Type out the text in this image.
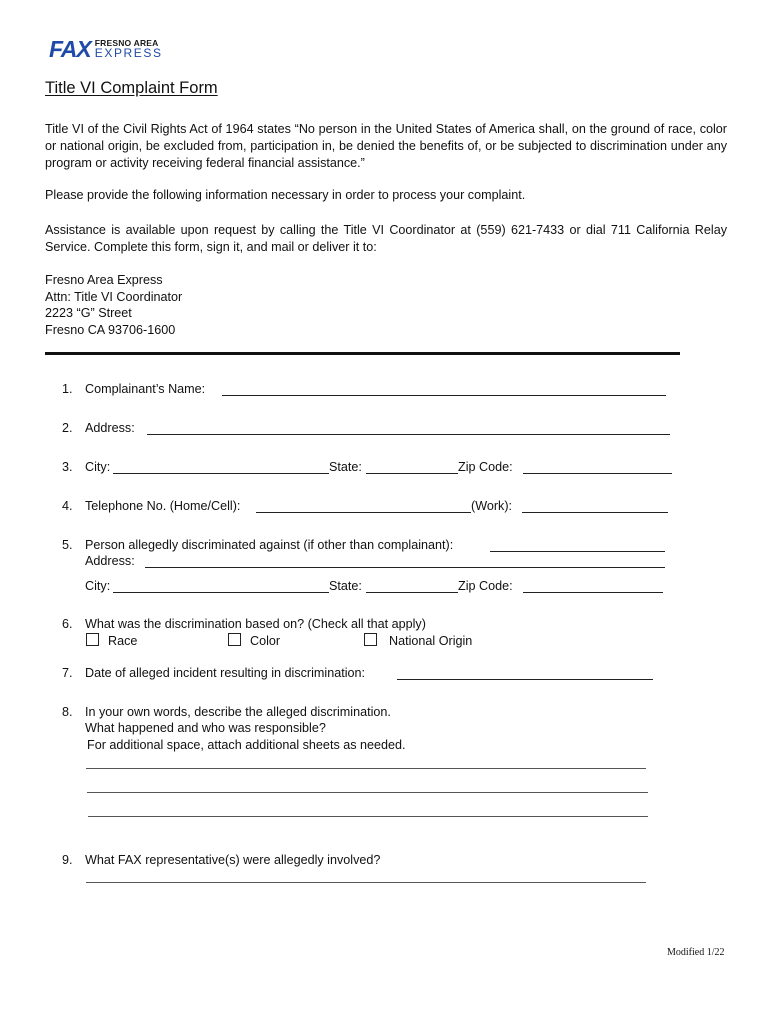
FAX FRESNO AREA
EXPRESS
Title VI Complaint Form
Title VI of the Civil Rights Act of 1964 states “No person in the United States of America shall, on the ground of race, color or national origin, be excluded from, participation in, be denied the benefits of, or be subjected to discrimination under any program or activity receiving federal financial assistance.”
Please provide the following information necessary in order to process your complaint.
Assistance is available upon request by calling the Title VI Coordinator at (559) 621-7433 or dial 711 California Relay Service. Complete this form, sign it, and mail or deliver it to:
Fresno Area Express
Attn: Title VI Coordinator
2223 “G” Street
Fresno CA 93706-1600
1. Complainant’s Name:
2. Address:
3. City:	State:	Zip Code:
4. Telephone No. (Home/Cell):	(Work):
5. Person allegedly discriminated against (if other than complainant):
Address:
City:	State:	Zip Code:
6. What was the discrimination based on? (Check all that apply)
Race	Color	National Origin
7. Date of alleged incident resulting in discrimination:
8. In your own words, describe the alleged discrimination.
What happened and who was responsible?
For additional space, attach additional sheets as needed.
9. What FAX representative(s) were allegedly involved?
Modified 1/22
